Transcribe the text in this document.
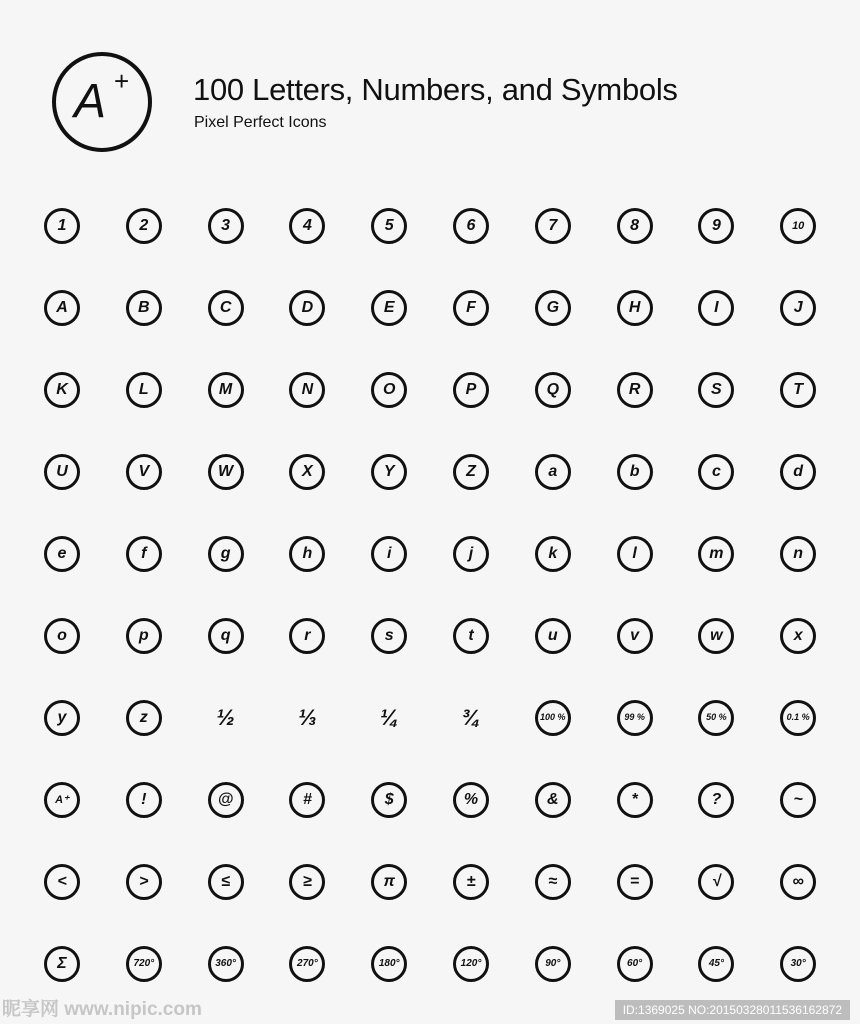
A + 100 Letters, Numbers, and Symbols
Pixel Perfect Icons
1	2	3	4	5	6	7	8	9	10
A	B	C	D	E	F	G	H	I	J
K	L	M	N	O	P	Q	R	S	T
U	V	W	X	Y	Z	a	b	c	d
e	f	g	h	i	j	k	l	m	n
o	p	q	r	s	t	u	v	w	x
y	z	½	⅓	¼	¾	100 %	99 %	50 %	0.1 %
A⁺	!	@	#	$	%	&	*	?	~
<	>	≤	≥	π	±	≈	=	√	∞
Σ	720°	360°	270°	180°	120°	90°	60°	45°	30°
昵享网 www.nipic.com	ID:1369025 NO:20150328011536162872
